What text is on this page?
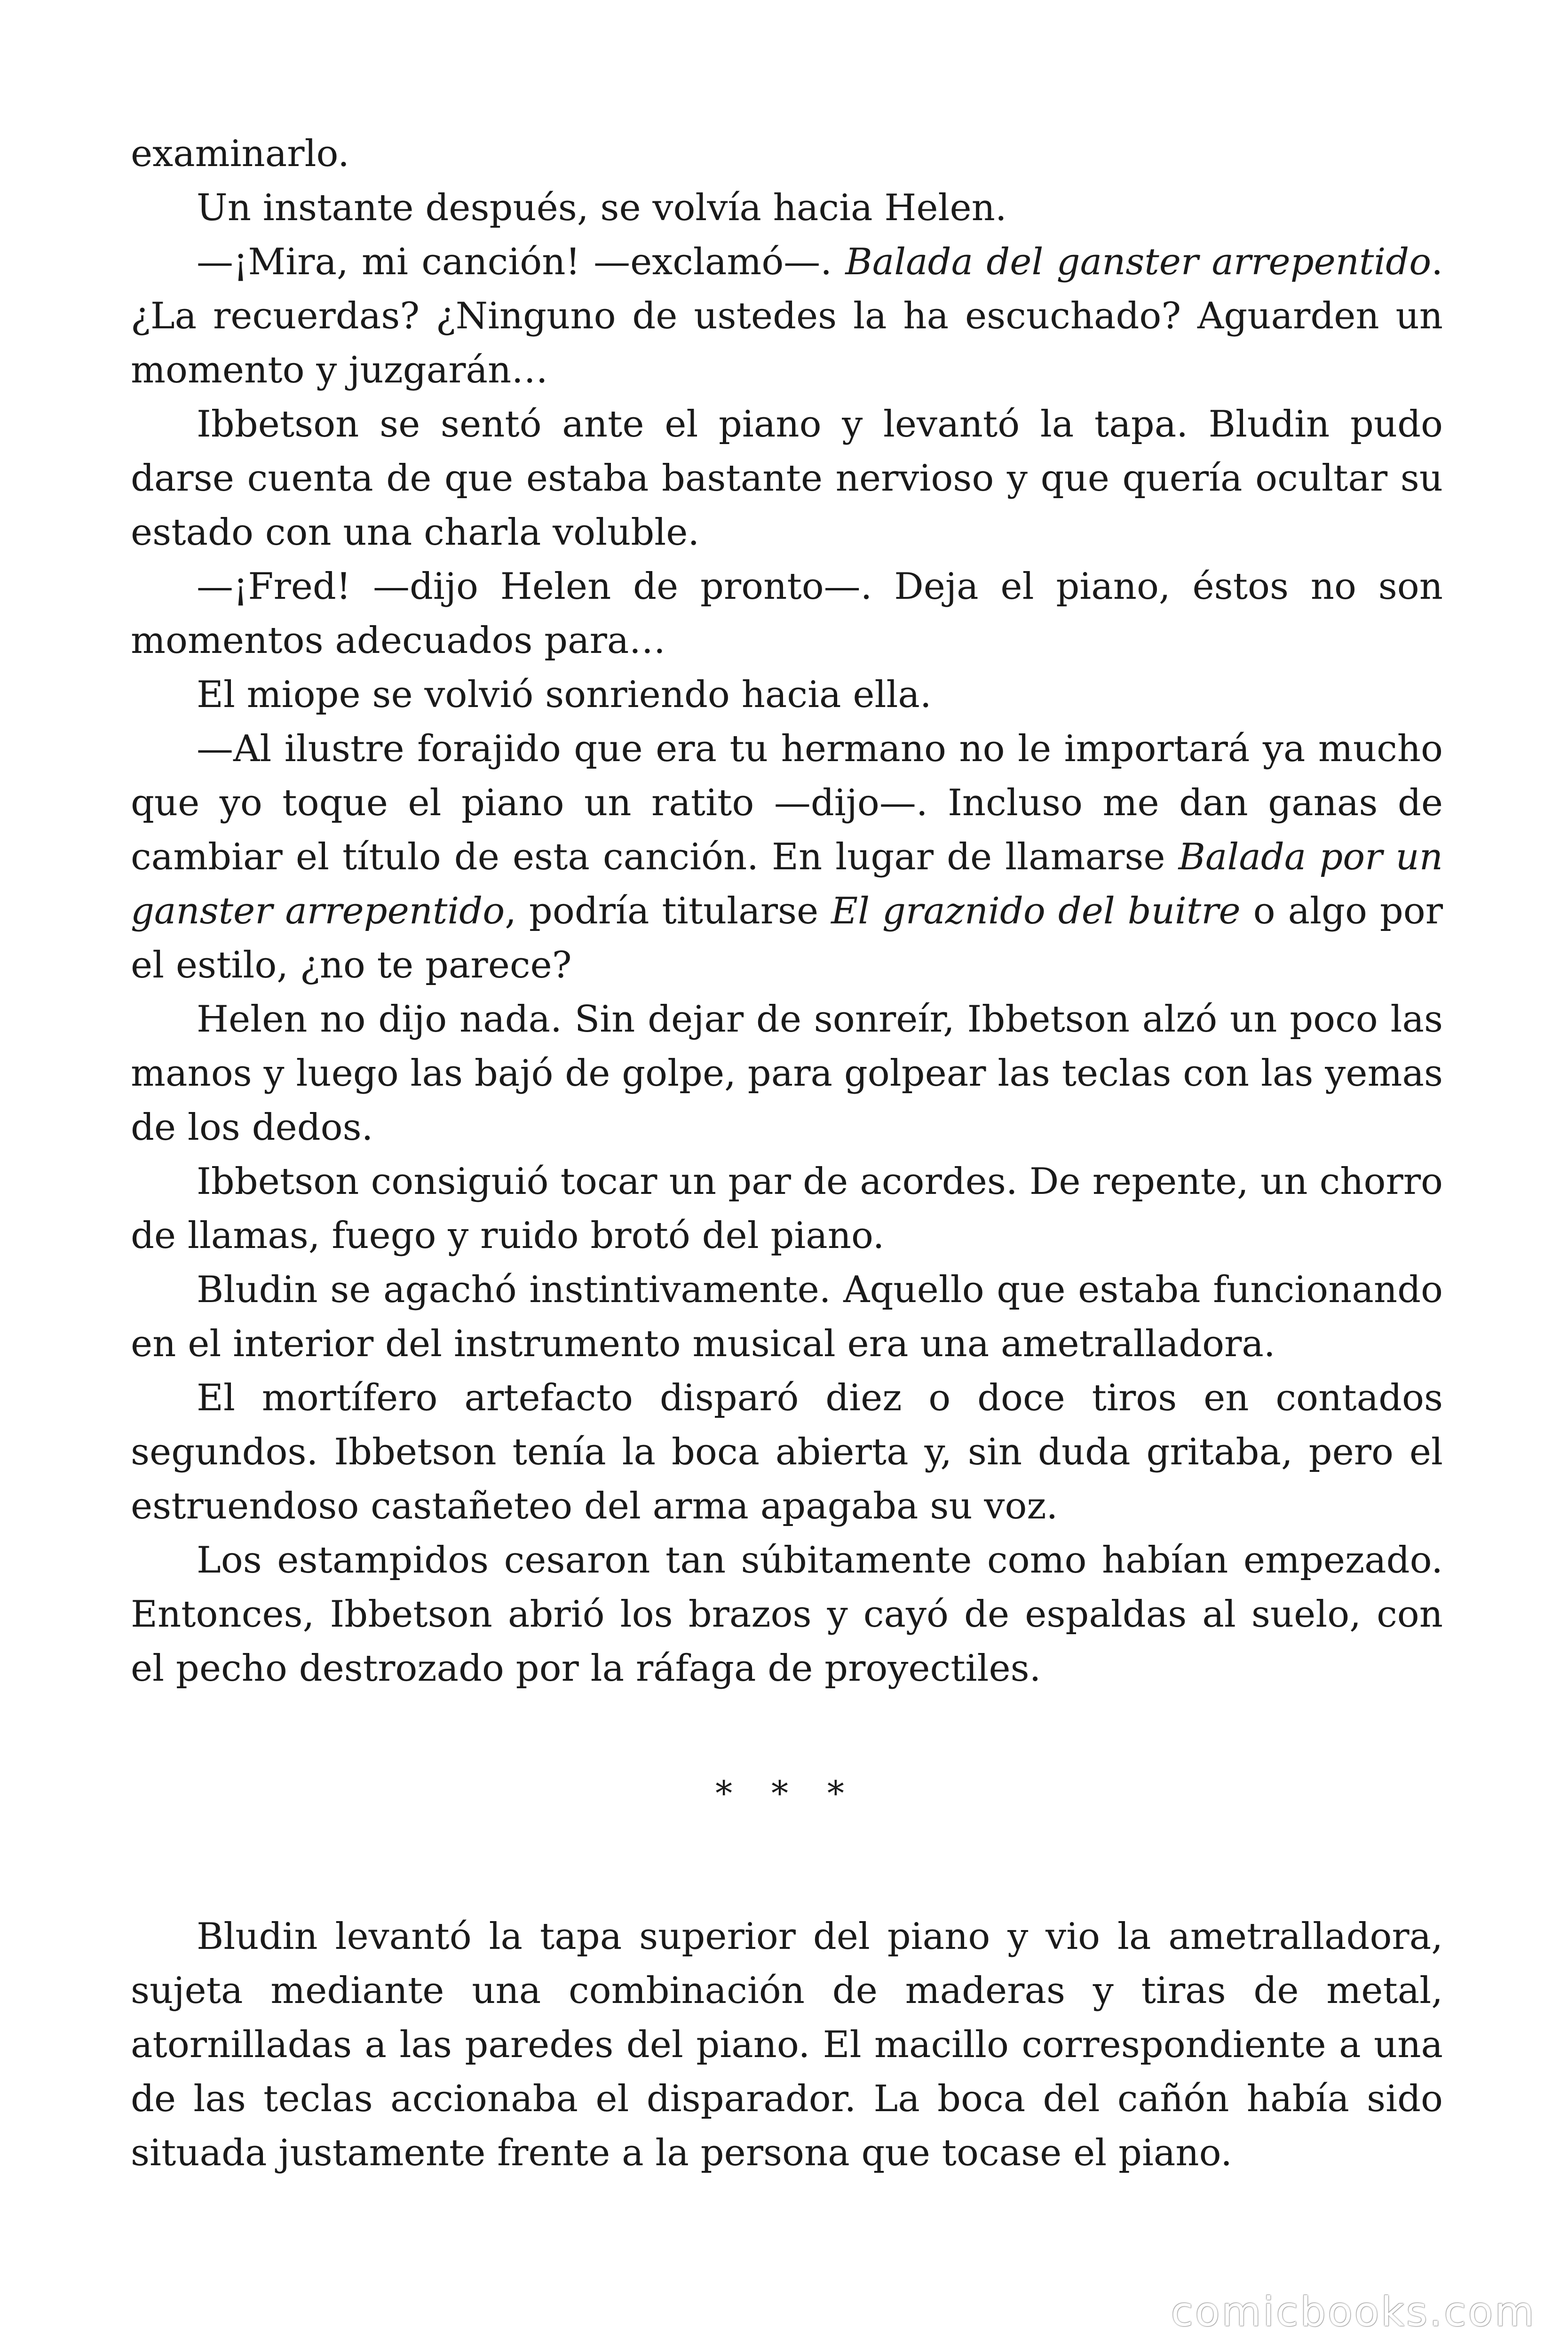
examinarlo.

Un instante después, se volvía hacia Helen.

—¡Mira, mi canción! —exclamó—. Balada del ganster arrepentido. ¿La recuerdas? ¿Ninguno de ustedes la ha escuchado? Aguarden un momento y juzgarán…

Ibbetson se sentó ante el piano y levantó la tapa. Bludin pudo darse cuenta de que estaba bastante nervioso y que quería ocultar su estado con una charla voluble.

—¡Fred! —dijo Helen de pronto—. Deja el piano, éstos no son momentos adecuados para…

El miope se volvió sonriendo hacia ella.

—Al ilustre forajido que era tu hermano no le importará ya mucho que yo toque el piano un ratito —dijo—. Incluso me dan ganas de cambiar el título de esta canción. En lugar de llamarse Balada por un ganster arrepentido, podría titularse El graznido del buitre o algo por el estilo, ¿no te parece?

Helen no dijo nada. Sin dejar de sonreír, Ibbetson alzó un poco las manos y luego las bajó de golpe, para golpear las teclas con las yemas de los dedos.

Ibbetson consiguió tocar un par de acordes. De repente, un chorro de llamas, fuego y ruido brotó del piano.

Bludin se agachó instintivamente. Aquello que estaba funcionando en el interior del instrumento musical era una ametralladora.

El mortífero artefacto disparó diez o doce tiros en contados segundos. Ibbetson tenía la boca abierta y, sin duda gritaba, pero el estruendoso castañeteo del arma apagaba su voz.

Los estampidos cesaron tan súbitamente como habían empezado. Entonces, Ibbetson abrió los brazos y cayó de espaldas al suelo, con el pecho destrozado por la ráfaga de proyectiles.

* * *

Bludin levantó la tapa superior del piano y vio la ametralladora, sujeta mediante una combinación de maderas y tiras de metal, atornilladas a las paredes del piano. El macillo correspondiente a una de las teclas accionaba el disparador. La boca del cañón había sido situada justamente frente a la persona que tocase el piano.

comicbooks.com
